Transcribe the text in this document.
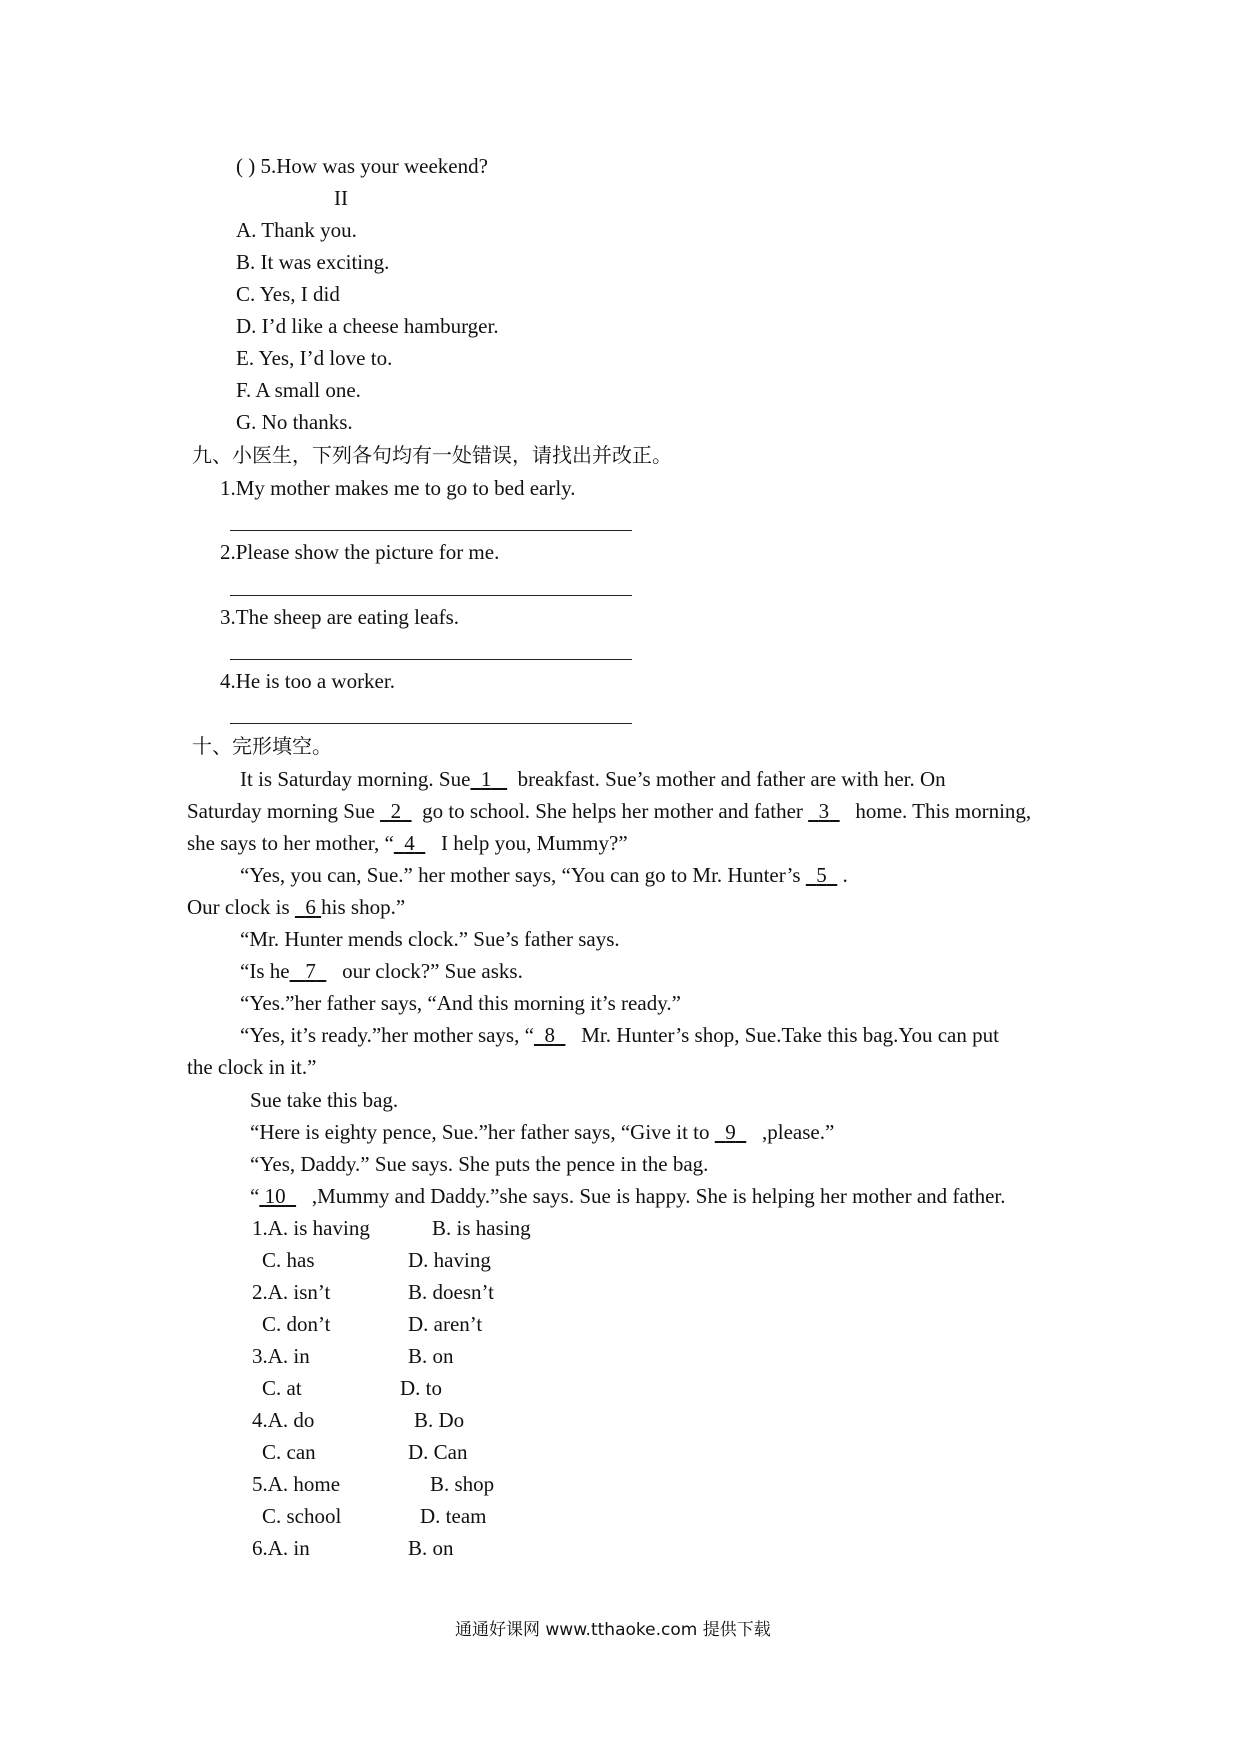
( ) 5.How was your weekend?
II
A. Thank you.
B. It was exciting.
C. Yes, I did
D. I’d like a cheese hamburger.
E. Yes, I’d love to.
F. A small one.
G. No thanks.
九、小医生，下列各句均有一处错误，请找出并改正。
1.My mother makes me to go to bed early.
2.Please show the picture for me.
3.The sheep are eating leafs.
4.He is too a worker.
十、完形填空。
It is Saturday morning. Sue 1 breakfast. Sue’s mother and father are with her. On
Saturday morning Sue 2 go to school. She helps her mother and father 3 home. This morning,
she says to her mother, “ 4 I help you, Mummy?”
“Yes, you can, Sue.” her mother says, “You can go to Mr. Hunter’s 5 .
Our clock is 6 his shop.”
“Mr. Hunter mends clock.” Sue’s father says.
“Is he 7 our clock?” Sue asks.
“Yes.”her father says, “And this morning it’s ready.”
“Yes, it’s ready.”her mother says, “ 8 Mr. Hunter’s shop, Sue.Take this bag.You can put
the clock in it.”
Sue take this bag.
“Here is eighty pence, Sue.”her father says, “Give it to 9 ,please.”
“Yes, Daddy.” Sue says. She puts the pence in the bag.
“ 10 ,Mummy and Daddy.”she says. Sue is happy. She is helping her mother and father.
1.A. is having	B. is hasing
C. has	D. having
2.A. isn’t	B. doesn’t
C. don’t	D. aren’t
3.A. in	B. on
C. at	D. to
4.A. do	B. Do
C. can	D. Can
5.A. home	B. shop
C. school	D. team
6.A. in	B. on
通通好课网 www.tthaoke.com 提供下载
